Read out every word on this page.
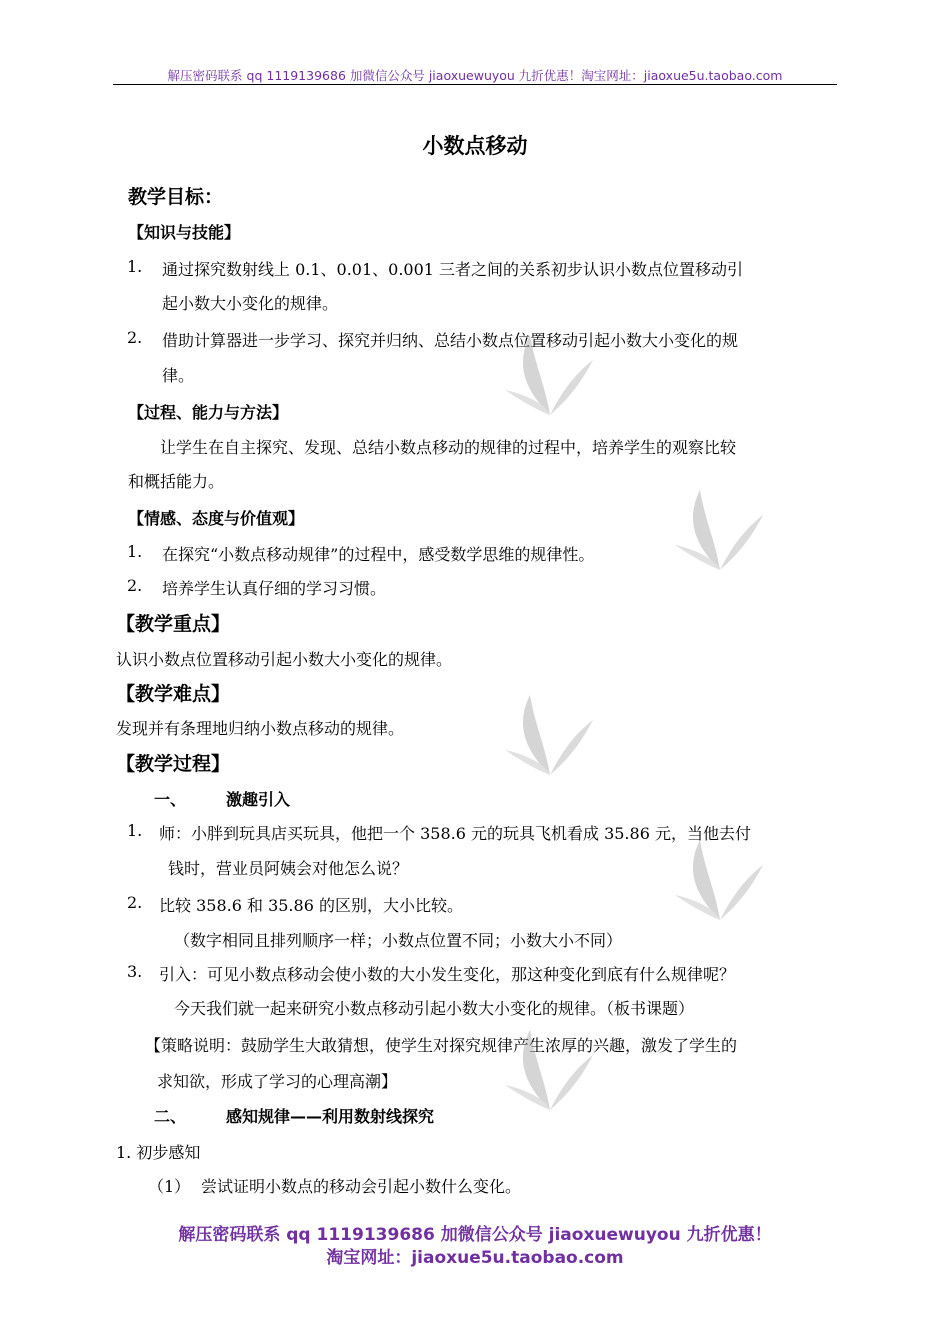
解压密码联系 qq 1119139686 加微信公众号 jiaoxuewuyou 九折优惠！淘宝网址：jiaoxue5u.taobao.com
小数点移动
教学目标：
【知识与技能】
1. 通过探究数射线上 0.1、0.01、0.001 三者之间的关系初步认识小数点位置移动引
起小数大小变化的规律。
2. 借助计算器进一步学习、探究并归纳、总结小数点位置移动引起小数大小变化的规
律。
【过程、能力与方法】
让学生在自主探究、发现、总结小数点移动的规律的过程中，培养学生的观察比较
和概括能力。
【情感、态度与价值观】
1. 在探究“小数点移动规律”的过程中，感受数学思维的规律性。
2. 培养学生认真仔细的学习习惯。
【教学重点】
认识小数点位置移动引起小数大小变化的规律。
【教学难点】
发现并有条理地归纳小数点移动的规律。
【教学过程】
一、 激趣引入
1. 师：小胖到玩具店买玩具，他把一个 358.6 元的玩具飞机看成 35.86 元，当他去付
钱时，营业员阿姨会对他怎么说？
2. 比较 358.6 和 35.86 的区别，大小比较。
（数字相同且排列顺序一样；小数点位置不同；小数大小不同）
3. 引入：可见小数点移动会使小数的大小发生变化，那这种变化到底有什么规律呢？
今天我们就一起来研究小数点移动引起小数大小变化的规律。（板书课题）
【策略说明：鼓励学生大敢猜想，使学生对探究规律产生浓厚的兴趣，激发了学生的
求知欲，形成了学习的心理高潮】
二、 感知规律——利用数射线探究
1. 初步感知
（1） 尝试证明小数点的移动会引起小数什么变化。
解压密码联系 qq 1119139686 加微信公众号 jiaoxuewuyou 九折优惠！
淘宝网址：jiaoxue5u.taobao.com
